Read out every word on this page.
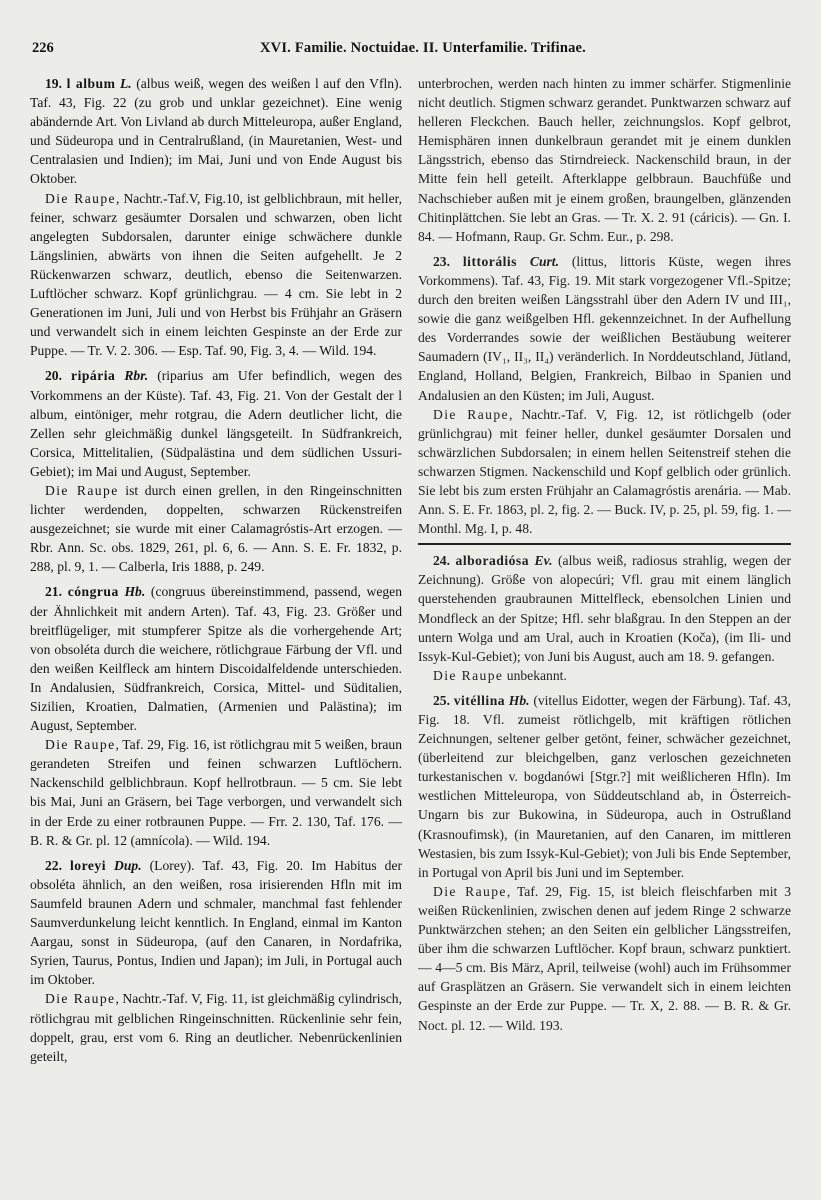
226	XVI. Familie. Noctuidae. II. Unterfamilie. Trifinae.

19. l album L. (albus weiß, wegen des weißen l auf den Vfln). Taf. 43, Fig. 22 (zu grob und unklar gezeichnet). Eine wenig abändernde Art. Von Livland ab durch Mitteleuropa, außer England, und Südeuropa und in Centralrußland, (in Mauretanien, West- und Centralasien und Indien); im Mai, Juni und von Ende August bis Oktober.

Die Raupe, Nachtr.-Taf.V, Fig.10, ist gelblichbraun, mit heller, feiner, schwarz gesäumter Dorsalen und schwarzen, oben licht angelegten Subdorsalen, darunter einige schwächere dunkle Längslinien, abwärts von ihnen die Seiten aufgehellt. Je 2 Rückenwarzen schwarz, deutlich, ebenso die Seitenwarzen. Luftlöcher schwarz. Kopf grünlichgrau. — 4 cm. Sie lebt in 2 Generationen im Juni, Juli und von Herbst bis Frühjahr an Gräsern und verwandelt sich in einem leichten Gespinste an der Erde zur Puppe. — Tr. V. 2. 306. — Esp. Taf. 90, Fig. 3, 4. — Wild. 194.

20. ripária Rbr. (riparius am Ufer befindlich, wegen des Vorkommens an der Küste). Taf. 43, Fig. 21. Von der Gestalt der l album, eintöniger, mehr rotgrau, die Adern deutlicher licht, die Zellen sehr gleichmäßig dunkel längsgeteilt. In Südfrankreich, Corsica, Mittelitalien, (Südpalästina und dem südlichen Ussuri-Gebiet); im Mai und August, September.

Die Raupe ist durch einen grellen, in den Ringeinschnitten lichter werdenden, doppelten, schwarzen Rückenstreifen ausgezeichnet; sie wurde mit einer Calamagróstis-Art erzogen. — Rbr. Ann. Sc. obs. 1829, 261, pl. 6, 6. — Ann. S. E. Fr. 1832, p. 288, pl. 9, 1. — Calberla, Iris 1888, p. 249.

21. cóngrua Hb. (congruus übereinstimmend, passend, wegen der Ähnlichkeit mit andern Arten). Taf. 43, Fig. 23. Größer und breitflügeliger, mit stumpferer Spitze als die vorhergehende Art; von obsoléta durch die weichere, rötlichgraue Färbung der Vfl. und den weißen Keilfleck am hintern Discoidalfeldende unterschieden. In Andalusien, Südfrankreich, Corsica, Mittel- und Süditalien, Sizilien, Kroatien, Dalmatien, (Armenien und Palästina); im August, September.

Die Raupe, Taf. 29, Fig. 16, ist rötlichgrau mit 5 weißen, braun gerandeten Streifen und feinen schwarzen Luftlöchern. Nackenschild gelblichbraun. Kopf hellrotbraun. — 5 cm. Sie lebt bis Mai, Juni an Gräsern, bei Tage verborgen, und verwandelt sich in der Erde zu einer rotbraunen Puppe. — Frr. 2. 130, Taf. 176. — B. R. & Gr. pl. 12 (amnícola). — Wild. 194.

22. loreyi Dup. (Lorey). Taf. 43, Fig. 20. Im Habitus der obsoléta ähnlich, an den weißen, rosa irisierenden Hfln mit im Saumfeld braunen Adern und schmaler, manchmal fast fehlender Saumverdunkelung leicht kenntlich. In England, einmal im Kanton Aargau, sonst in Südeuropa, (auf den Canaren, in Nordafrika, Syrien, Taurus, Pontus, Indien und Japan); im Juli, in Portugal auch im Oktober.

Die Raupe, Nachtr.-Taf. V, Fig. 11, ist gleichmäßig cylindrisch, rötlichgrau mit gelblichen Ringeinschnitten. Rückenlinie sehr fein, doppelt, grau, erst vom 6. Ring an deutlicher. Nebenrückenlinien geteilt,

unterbrochen, werden nach hinten zu immer schärfer. Stigmenlinie nicht deutlich. Stigmen schwarz gerandet. Punktwarzen schwarz auf helleren Fleckchen. Bauch heller, zeichnungslos. Kopf gelbrot, Hemisphären innen dunkelbraun gerandet mit je einem dunklen Längsstrich, ebenso das Stirndreieck. Nackenschild braun, in der Mitte fein hell geteilt. Afterklappe gelbbraun. Bauchfüße und Nachschieber außen mit je einem großen, braungelben, glänzenden Chitinplättchen. Sie lebt an Gras. — Tr. X. 2. 91 (cáricis). — Gn. I. 84. — Hofmann, Raup. Gr. Schm. Eur., p. 298.

23. littorális Curt. (littus, littoris Küste, wegen ihres Vorkommens). Taf. 43, Fig. 19. Mit stark vorgezogener Vfl.-Spitze; durch den breiten weißen Längsstrahl über den Adern IV und III₁, sowie die ganz weißgelben Hfl. gekennzeichnet. In der Aufhellung des Vorderrandes sowie der weißlichen Bestäubung weiterer Saumadern (IV₁, II₃, II₄) veränderlich. In Norddeutschland, Jütland, England, Holland, Belgien, Frankreich, Bilbao in Spanien und Andalusien an den Küsten; im Juli, August.

Die Raupe, Nachtr.-Taf. V, Fig. 12, ist rötlichgelb (oder grünlichgrau) mit feiner heller, dunkel gesäumter Dorsalen und schwärzlichen Subdorsalen; in einem hellen Seitenstreif stehen die schwarzen Stigmen. Nackenschild und Kopf gelblich oder grünlich. Sie lebt bis zum ersten Frühjahr an Calamagróstis arenária. — Mab. Ann. S. E. Fr. 1863, pl. 2, fig. 2. — Buck. IV, p. 25, pl. 59, fig. 1. — Monthl. Mg. I, p. 48.

24. alboradiósa Ev. (albus weiß, radiosus strahlig, wegen der Zeichnung). Größe von alopecúri; Vfl. grau mit einem länglich querstehenden graubraunen Mittelfleck, ebensolchen Linien und Mondfleck an der Spitze; Hfl. sehr blaßgrau. In den Steppen an der untern Wolga und am Ural, auch in Kroatien (Koča), (im Ili- und Issyk-Kul-Gebiet); von Juni bis August, auch am 18. 9. gefangen.

Die Raupe unbekannt.

25. vitéllina Hb. (vitellus Eidotter, wegen der Färbung). Taf. 43, Fig. 18. Vfl. zumeist rötlichgelb, mit kräftigen rötlichen Zeichnungen, seltener gelber getönt, feiner, schwächer gezeichnet, (überleitend zur bleichgelben, ganz verloschen gezeichneten turkestanischen v. bogdanówi [Stgr.?] mit weißlicheren Hfln). Im westlichen Mitteleuropa, von Süddeutschland ab, in Österreich-Ungarn bis zur Bukowina, in Südeuropa, auch in Ostrußland (Krasnoufimsk), (in Mauretanien, auf den Canaren, im mittleren Westasien, bis zum Issyk-Kul-Gebiet); von Juli bis Ende September, in Portugal von April bis Juni und im September.

Die Raupe, Taf. 29, Fig. 15, ist bleich fleischfarben mit 3 weißen Rückenlinien, zwischen denen auf jedem Ringe 2 schwarze Punktwärzchen stehen; an den Seiten ein gelblicher Längsstreifen, über ihm die schwarzen Luftlöcher. Kopf braun, schwarz punktiert. — 4—5 cm. Bis März, April, teilweise (wohl) auch im Frühsommer auf Grasplätzen an Gräsern. Sie verwandelt sich in einem leichten Gespinste an der Erde zur Puppe. — Tr. X, 2. 88. — B. R. & Gr. Noct. pl. 12. — Wild. 193.
